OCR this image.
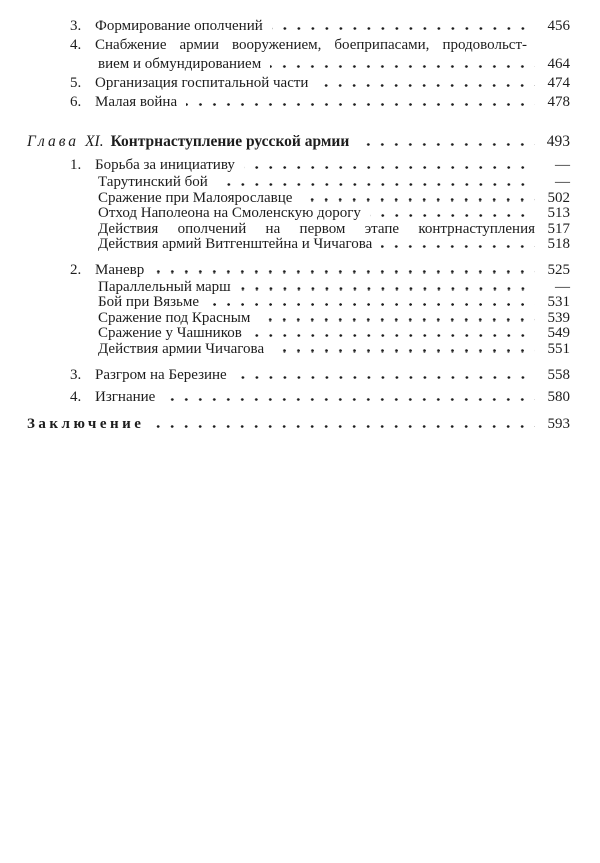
3. Формирование ополчений	456
4. Снабжение армии вооружением, боеприпасами, продовольст-
вием и обмундированием	464
5. Организация госпитальной части	474
6. Малая война	478
Глава XI. Контрнаступление русской армии	493
1. Борьба за инициативу	—
Тарутинский бой	—
Сражение при Малоярославце	502
Отход Наполеона на Смоленскую дорогу	513
Действия ополчений на первом этапе контрнаступления 517
Действия армий Витгенштейна и Чичагова	518
2. Маневр	525
Параллельный марш	—
Бой при Вязьме	531
Сражение под Красным	539
Сражение у Чашников	549
Действия армии Чичагова	551
3. Разгром на Березине	558
4. Изгнание	580
Заключение	593
